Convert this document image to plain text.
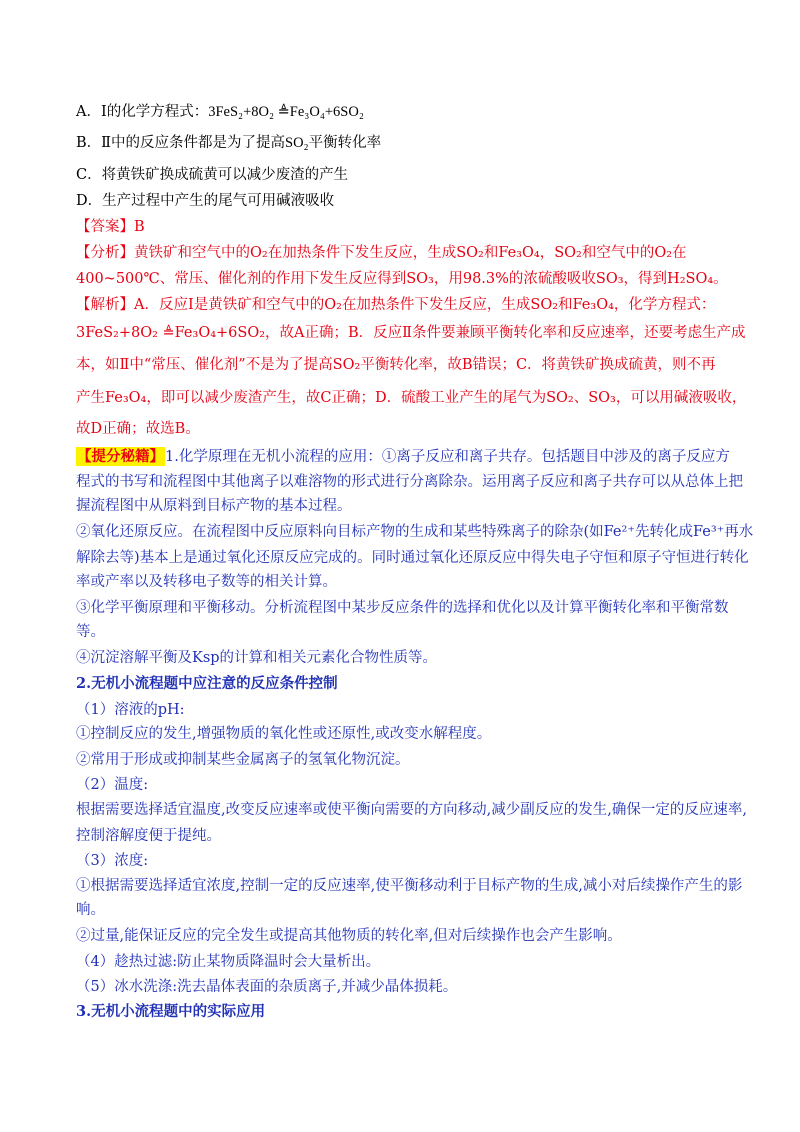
A．Ⅰ的化学方程式：3FeS₂+8O₂ ≜Fe₃O₄+6SO₂
B．Ⅱ中的反应条件都是为了提高SO₂平衡转化率
C．将黄铁矿换成硫黄可以减少废渣的产生
D．生产过程中产生的尾气可用碱液吸收
【答案】B
【分析】黄铁矿和空气中的O₂在加热条件下发生反应，生成SO₂和Fe₃O₄，SO₂和空气中的O₂在
400~500℃、常压、催化剂的作用下发生反应得到SO₃，用98.3%的浓硫酸吸收SO₃，得到H₂SO₄。
【解析】A．反应Ⅰ是黄铁矿和空气中的O₂在加热条件下发生反应，生成SO₂和Fe₃O₄，化学方程式：
3FeS₂+8O₂ ≜Fe₃O₄+6SO₂，故A正确；B．反应Ⅱ条件要兼顾平衡转化率和反应速率，还要考虑生产成
本，如Ⅱ中“常压、催化剂”不是为了提高SO₂平衡转化率，故B错误；C．将黄铁矿换成硫黄，则不再
产生Fe₃O₄，即可以减少废渣产生，故C正确；D．硫酸工业产生的尾气为SO₂、SO₃，可以用碱液吸收，
故D正确；故选B。
【提分秘籍】1.化学原理在无机小流程的应用：①离子反应和离子共存。包括题目中涉及的离子反应方
程式的书写和流程图中其他离子以难溶物的形式进行分离除杂。运用离子反应和离子共存可以从总体上把
握流程图中从原料到目标产物的基本过程。
②氧化还原反应。在流程图中反应原料向目标产物的生成和某些特殊离子的除杂(如Fe²⁺先转化成Fe³⁺再水
解除去等)基本上是通过氧化还原反应完成的。同时通过氧化还原反应中得失电子守恒和原子守恒进行转化
率或产率以及转移电子数等的相关计算。
③化学平衡原理和平衡移动。分析流程图中某步反应条件的选择和优化以及计算平衡转化率和平衡常数
等。
④沉淀溶解平衡及Ksp的计算和相关元素化合物性质等。
2.无机小流程题中应注意的反应条件控制
（1）溶液的pH:
①控制反应的发生,增强物质的氧化性或还原性,或改变水解程度。
②常用于形成或抑制某些金属离子的氢氧化物沉淀。
（2）温度:
根据需要选择适宜温度,改变反应速率或使平衡向需要的方向移动,减少副反应的发生,确保一定的反应速率,
控制溶解度便于提纯。
（3）浓度:
①根据需要选择适宜浓度,控制一定的反应速率,使平衡移动利于目标产物的生成,减小对后续操作产生的影
响。
②过量,能保证反应的完全发生或提高其他物质的转化率,但对后续操作也会产生影响。
（4）趁热过滤:防止某物质降温时会大量析出。
（5）冰水洗涤:洗去晶体表面的杂质离子,并减少晶体损耗。
3.无机小流程题中的实际应用
